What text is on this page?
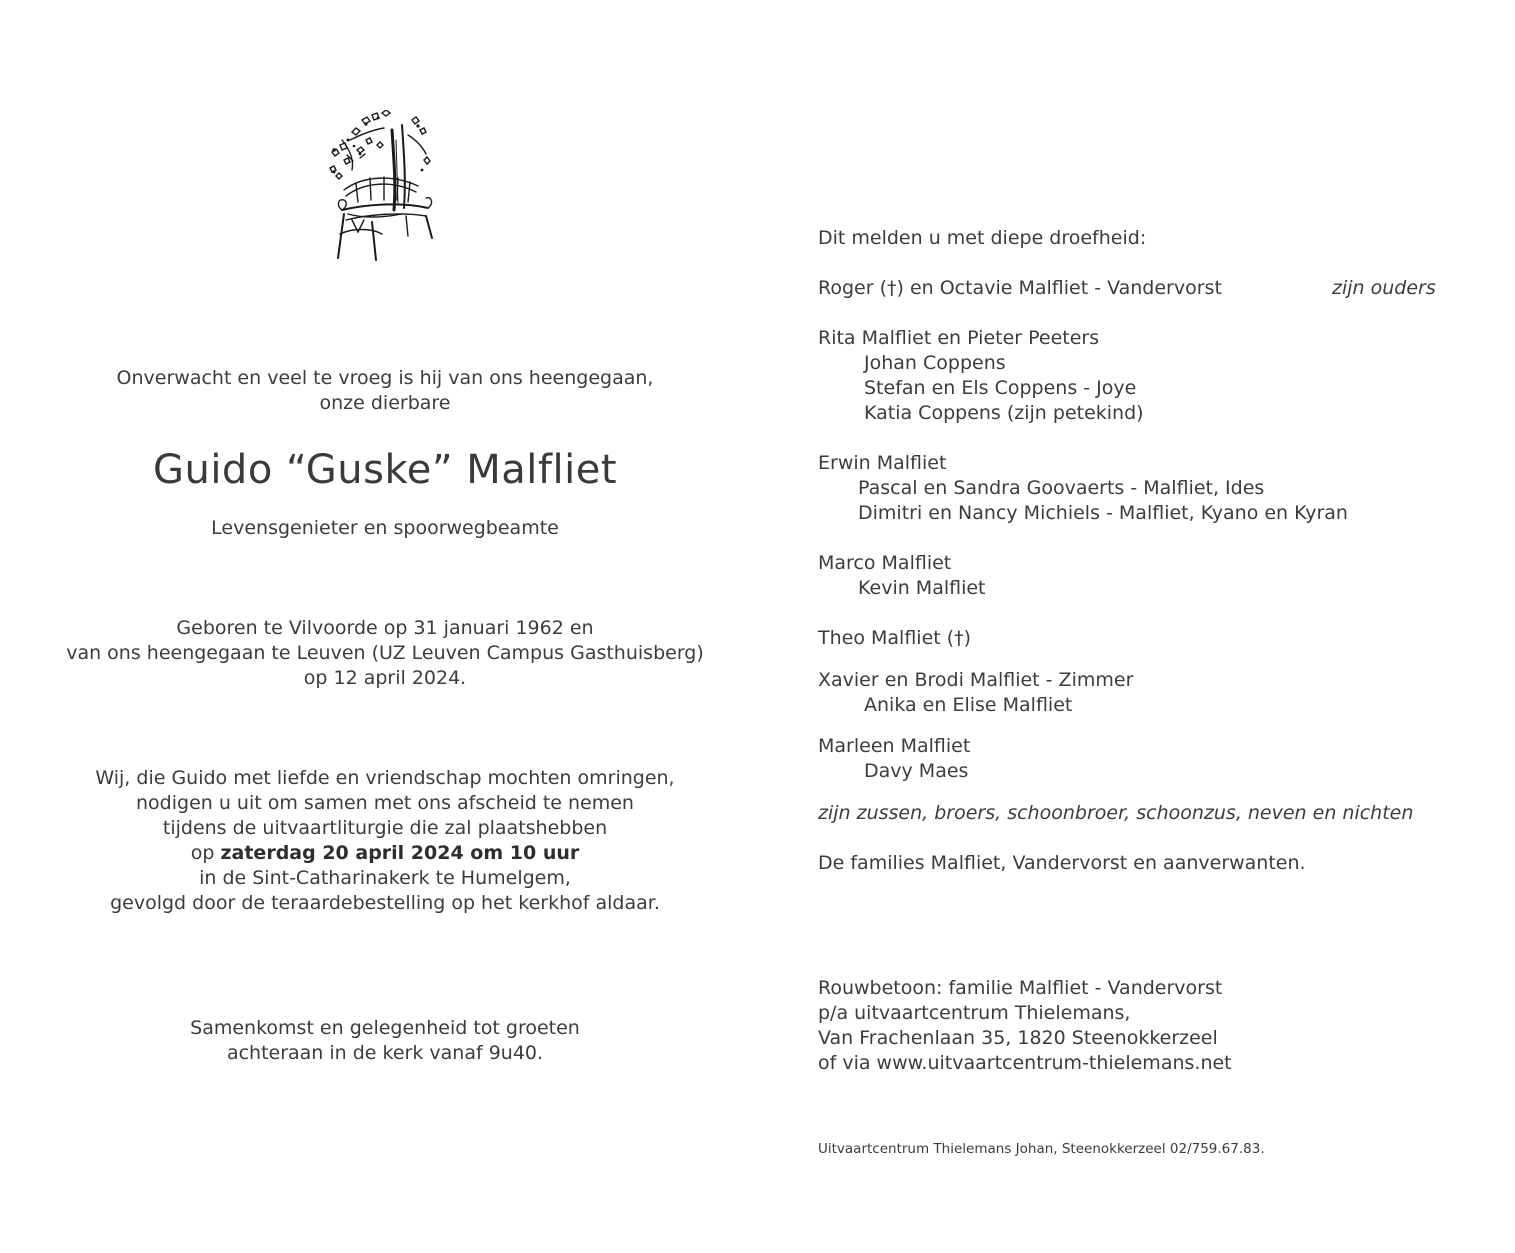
Onverwacht en veel te vroeg is hij van ons heengegaan,
onze dierbare
Guido “Guske” Malfliet
Levensgenieter en spoorwegbeamte
Geboren te Vilvoorde op 31 januari 1962 en
van ons heengegaan te Leuven (UZ Leuven Campus Gasthuisberg)
op 12 april 2024.
Wij, die Guido met liefde en vriendschap mochten omringen,
nodigen u uit om samen met ons afscheid te nemen
tijdens de uitvaartliturgie die zal plaatshebben
op zaterdag 20 april 2024 om 10 uur
in de Sint-Catharinakerk te Humelgem,
gevolgd door de teraardebestelling op het kerkhof aldaar.
Samenkomst en gelegenheid tot groeten
achteraan in de kerk vanaf 9u40.
Dit melden u met diepe droefheid:
Roger (†) en Octavie Malfliet - Vandervorst	zijn ouders
Rita Malfliet en Pieter Peeters
Johan Coppens
Stefan en Els Coppens - Joye
Katia Coppens (zijn petekind)
Erwin Malfliet
Pascal en Sandra Goovaerts - Malfliet, Ides
Dimitri en Nancy Michiels - Malfliet, Kyano en Kyran
Marco Malfliet
Kevin Malfliet
Theo Malfliet (†)
Xavier en Brodi Malfliet - Zimmer
Anika en Elise Malfliet
Marleen Malfliet
Davy Maes
zijn zussen, broers, schoonbroer, schoonzus, neven en nichten
De families Malfliet, Vandervorst en aanverwanten.
Rouwbetoon: familie Malfliet - Vandervorst
p/a uitvaartcentrum Thielemans,
Van Frachenlaan 35, 1820 Steenokkerzeel
of via www.uitvaartcentrum-thielemans.net
Uitvaartcentrum Thielemans Johan, Steenokkerzeel 02/759.67.83.
